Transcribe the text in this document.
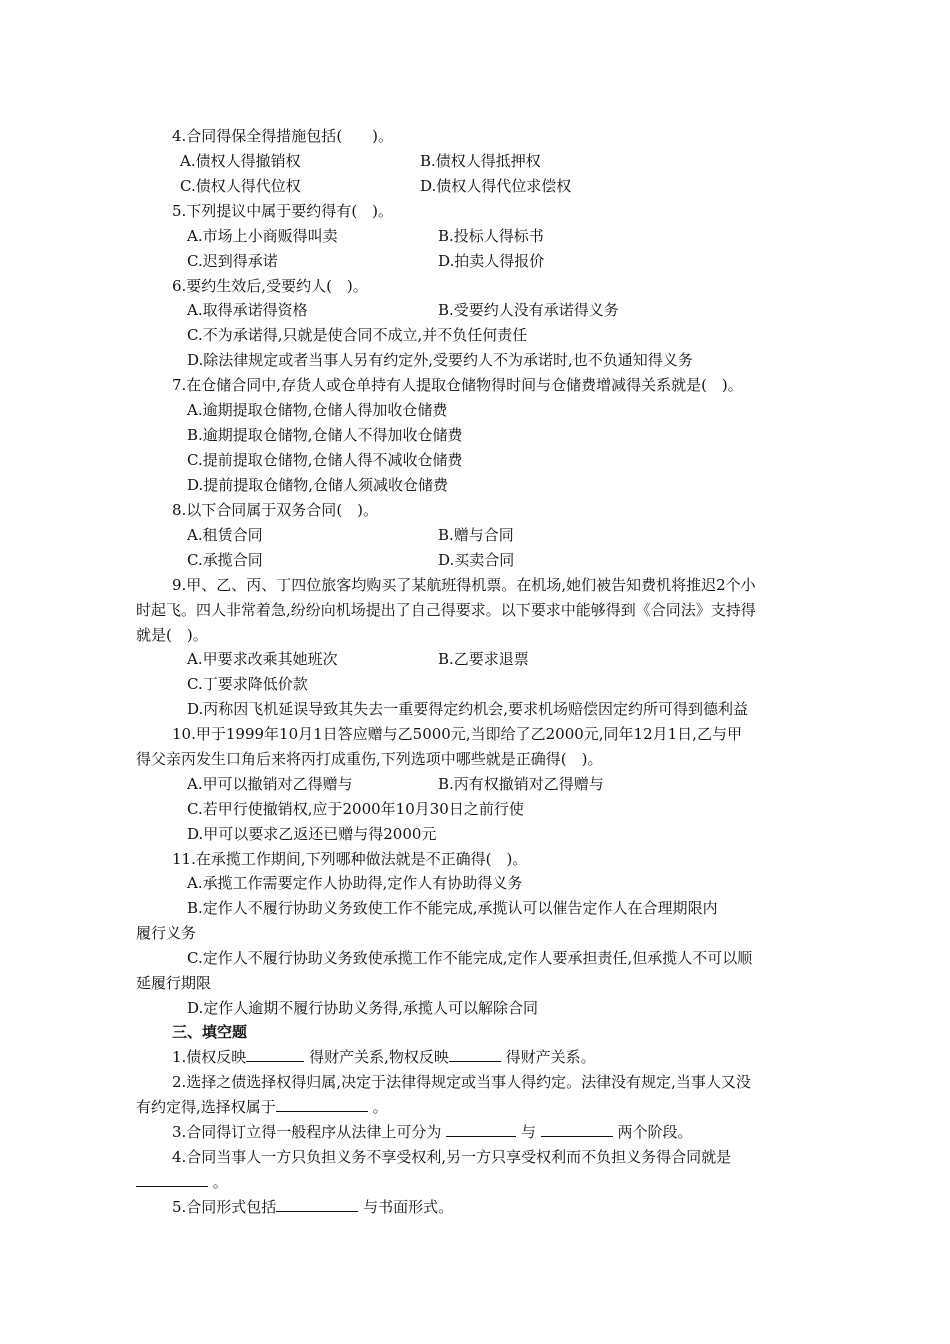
4.合同得保全得措施包括(　　)。
A.债权人得撤销权	B.债权人得抵押权
C.债权人得代位权	D.债权人得代位求偿权
5.下列提议中属于要约得有(　)。
A.市场上小商贩得叫卖	B.投标人得标书
C.迟到得承诺	D.拍卖人得报价
6.要约生效后,受要约人(　)。
A.取得承诺得资格	B.受要约人没有承诺得义务
C.不为承诺得,只就是使合同不成立,并不负任何责任
D.除法律规定或者当事人另有约定外,受要约人不为承诺时,也不负通知得义务
7.在仓储合同中,存货人或仓单持有人提取仓储物得时间与仓储费增减得关系就是(　)。
A.逾期提取仓储物,仓储人得加收仓储费
B.逾期提取仓储物,仓储人不得加收仓储费
C.提前提取仓储物,仓储人得不减收仓储费
D.提前提取仓储物,仓储人须减收仓储费
8.以下合同属于双务合同(　)。
A.租赁合同	B.赠与合同
C.承揽合同	D.买卖合同
9.甲、乙、丙、丁四位旅客均购买了某航班得机票。在机场,她们被告知费机将推迟2个小
时起飞。四人非常着急,纷纷向机场提出了自己得要求。以下要求中能够得到《合同法》支持得
就是(　)。
A.甲要求改乘其她班次	B.乙要求退票
C.丁要求降低价款
D.丙称因飞机延误导致其失去一重要得定约机会,要求机场赔偿因定约所可得到德利益
10.甲于1999年10月1日答应赠与乙5000元,当即给了乙2000元,同年12月1日,乙与甲
得父亲丙发生口角后来将丙打成重伤,下列选项中哪些就是正确得(　)。
A.甲可以撤销对乙得赠与	B.丙有权撤销对乙得赠与
C.若甲行使撤销权,应于2000年10月30日之前行使
D.甲可以要求乙返还已赠与得2000元
11.在承揽工作期间,下列哪种做法就是不正确得(　)。
A.承揽工作需要定作人协助得,定作人有协助得义务
B.定作人不履行协助义务致使工作不能完成,承揽认可以催告定作人在合理期限内
履行义务
C.定作人不履行协助义务致使承揽工作不能完成,定作人要承担责任,但承揽人不可以顺
延履行期限
D.定作人逾期不履行协助义务得,承揽人可以解除合同
三、填空题
1.债权反映	得财产关系,物权反映	得财产关系。
2.选择之债选择权得归属,决定于法律得规定或当事人得约定。法律没有规定,当事人又没
有约定得,选择权属于	。
3.合同得订立得一般程序从法律上可分为	与	两个阶段。
4.合同当事人一方只负担义务不享受权利,另一方只享受权利而不负担义务得合同就是
。
5.合同形式包括	与书面形式。
